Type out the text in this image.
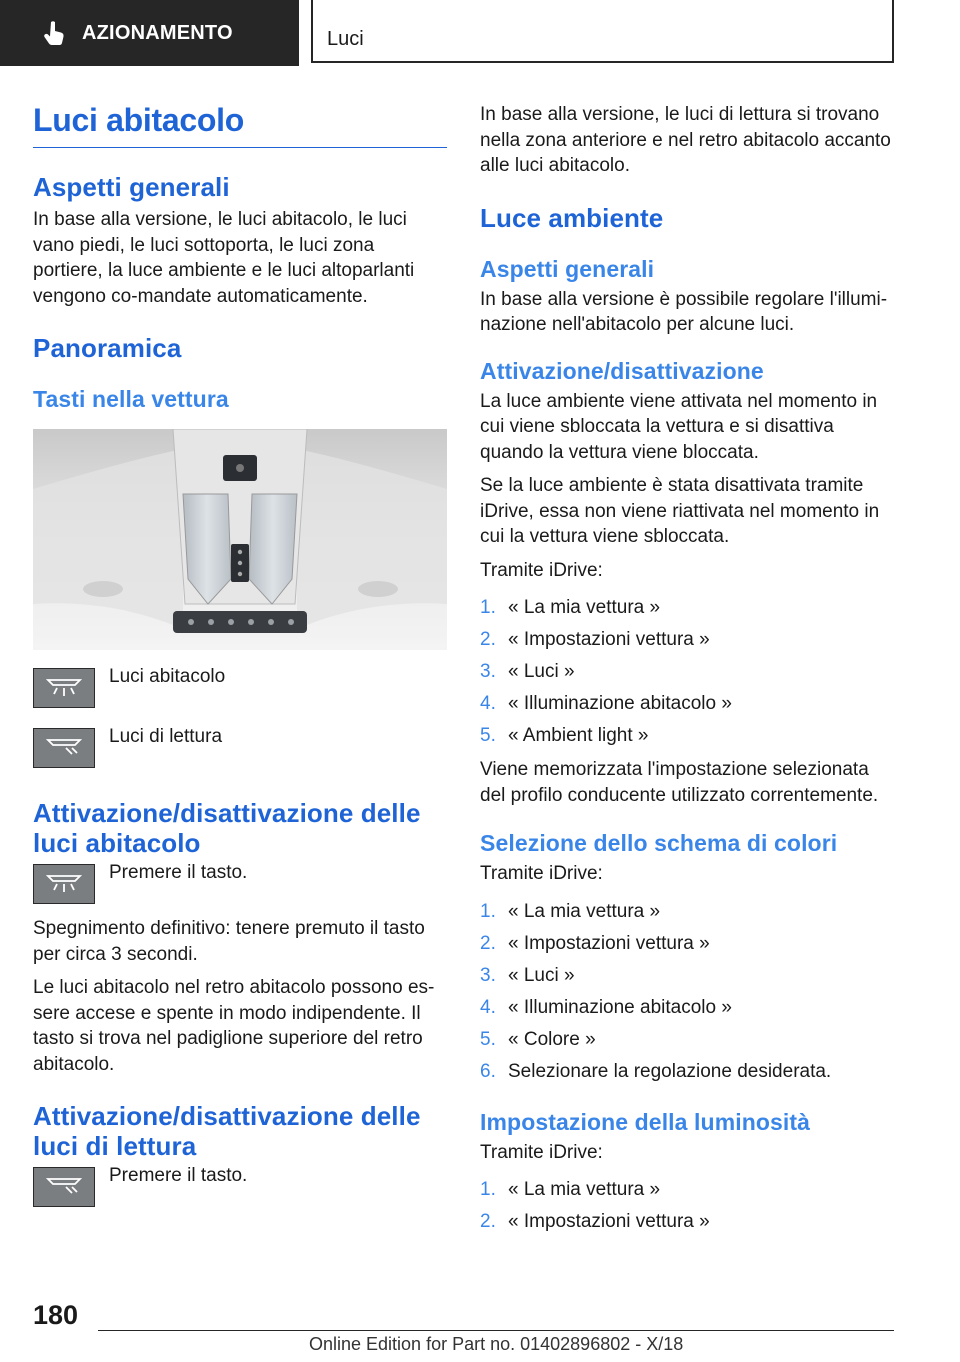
AZIONAMENTO	Luci
Luci abitacolo
Aspetti generali

In base alla versione, le luci abitacolo, le luci vano piedi, le luci sottoporta, le luci zona portiere, la luce ambiente e le luci altoparlanti vengono co-mandate automaticamente.

Panoramica
Tasti nella vettura
Luci abitacolo
Luci di lettura
Attivazione/disattivazione delle luci abitacolo
Premere il tasto.

Spegnimento definitivo: tenere premuto il tasto per circa 3 secondi.

Le luci abitacolo nel retro abitacolo possono es-sere accese e spente in modo indipendente. Il tasto si trova nel padiglione superiore del retro abitacolo.

Attivazione/disattivazione delle luci di lettura
Premere il tasto.

In base alla versione, le luci di lettura si trovano nella zona anteriore e nel retro abitacolo accanto alle luci abitacolo.

Luce ambiente
Aspetti generali

In base alla versione è possibile regolare l'illumi-nazione nell'abitacolo per alcune luci.

Attivazione/disattivazione

La luce ambiente viene attivata nel momento in cui viene sbloccata la vettura e si disattiva quando la vettura viene bloccata.

Se la luce ambiente è stata disattivata tramite iDrive, essa non viene riattivata nel momento in cui la vettura viene sbloccata.

Tramite iDrive:

1. « La mia vettura »
2. « Impostazioni vettura »
3. « Luci »
4. « Illuminazione abitacolo »
5. « Ambient light »

Viene memorizzata l'impostazione selezionata del profilo conducente utilizzato correntemente.

Selezione dello schema di colori

Tramite iDrive:

1. « La mia vettura »
2. « Impostazioni vettura »
3. « Luci »
4. « Illuminazione abitacolo »
5. « Colore »
6. Selezionare la regolazione desiderata.
Impostazione della luminosità

Tramite iDrive:

1. « La mia vettura »
2. « Impostazioni vettura »
180
Online Edition for Part no. 01402896802 - X/18
